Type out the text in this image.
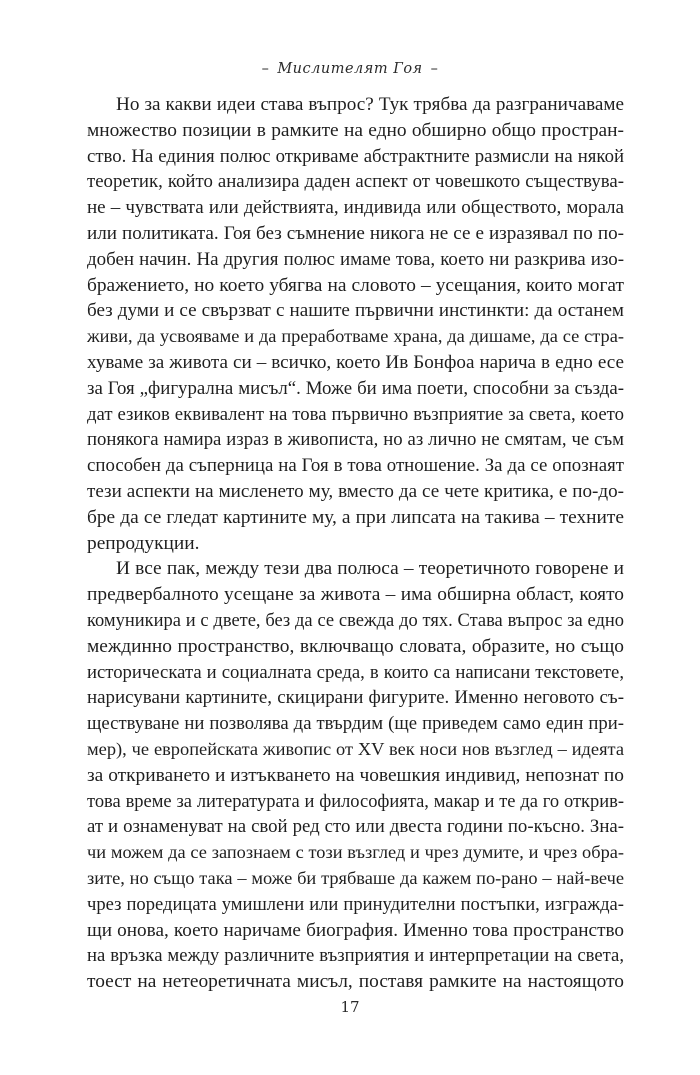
– Мислителят Гоя –
Но за какви идеи става въпрос? Тук трябва да разграничаваме
множество позиции в рамките на едно обширно общо простран-
ство. На единия полюс откриваме абстрактните размисли на някой
теоретик, който анализира даден аспект от човешкото съществува-
не – чувствата или действията, индивида или обществото, морала
или политиката. Гоя без съмнение никога не се е изразявал по по-
добен начин. На другия полюс имаме това, което ни разкрива изо-
бражението, но което убягва на словото – усещания, които могат
без думи и се свързват с нашите първични инстинкти: да останем
живи, да усвояваме и да преработваме храна, да дишаме, да се стра-
хуваме за живота си – всичко, което Ив Бонфоа нарича в едно есе
за Гоя „фигурална мисъл“. Може би има поети, способни за създа-
дат езиков еквивалент на това първично възприятие за света, което
понякога намира израз в живописта, но аз лично не смятам, че съм
способен да съперница на Гоя в това отношение. За да се опознаят
тези аспекти на мисленето му, вместо да се чете критика, е по-до-
бре да се гледат картините му, а при липсата на такива – техните
репродукции.
И все пак, между тези два полюса – теоретичното говорене и
предвербалното усещане за живота – има обширна област, която
комуникира и с двете, без да се свежда до тях. Става въпрос за едно
междинно пространство, включващо словата, образите, но също
историческата и социалната среда, в които са написани текстовете,
нарисувани картините, скицирани фигурите. Именно неговото съ-
ществуване ни позволява да твърдим (ще приведем само един при-
мер), че европейската живопис от XV век носи нов възглед – идеята
за откриването и изтъкването на човешкия индивид, непознат по
това време за литературата и философията, макар и те да го открив-
ат и ознаменуват на свой ред сто или двеста години по-късно. Зна-
чи можем да се запознаем с този възглед и чрез думите, и чрез обра-
зите, но също така – може би трябваше да кажем по-рано – най-вече
чрез поредицата умишлени или принудителни постъпки, изгражда-
щи онова, което наричаме биография. Именно това пространство
на връзка между различните възприятия и интерпретации на света,
тоест на нетеоретичната мисъл, поставя рамките на настоящото
17
